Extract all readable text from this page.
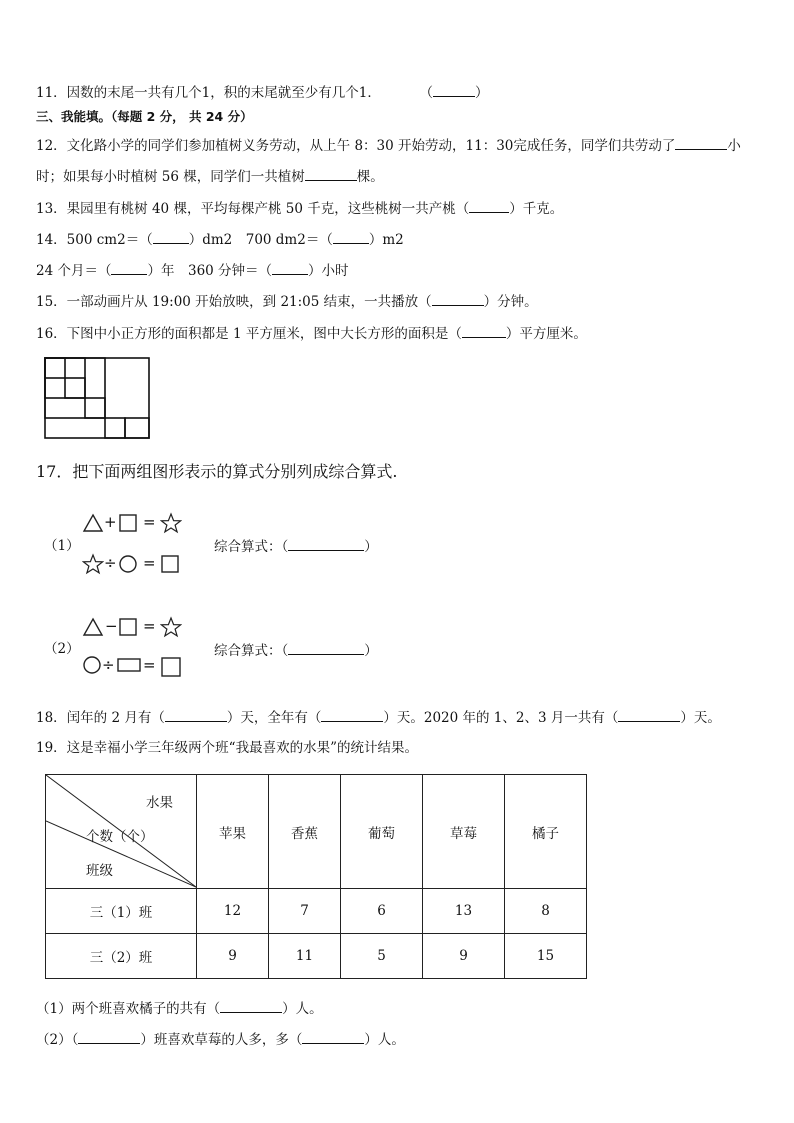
11．因数的末尾一共有几个1，积的末尾就至少有几个1．	（	）
三、我能填。（每题 2 分， 共 24 分）
12．文化路小学的同学们参加植树义务劳动，从上午 8：30 开始劳动，11：30完成任务，同学们共劳动了	小
时；如果每小时植树 56 棵，同学们一共植树	棵。
13．果园里有桃树 40 棵，平均每棵产桃 50 千克，这些桃树一共产桃（	）千克。
14．500 cm2＝（	）dm2　700 dm2＝（	）m2
24 个月＝（	）年　360 分钟＝（	）小时
15．一部动画片从 19:00 开始放映，到 21:05 结束，一共播放（	）分钟。
16．下图中小正方形的面积都是 1 平方厘米，图中大长方形的面积是（	）平方厘米。
17．把下面两组图形表示的算式分别列成综合算式.
（1）
+ =
÷ =
综合算式：（	）
（2）
− =
÷ =
综合算式：（	）
18．闰年的 2 月有（	）天，全年有（	）天。2020 年的 1、2、3 月一共有（	）天。
19．这是幸福小学三年级两个班“我最喜欢的水果”的统计结果。
水果
个数（个）
班级	苹果	香蕉	葡萄	草莓	橘子
三（1）班	12	7	6	13	8
三（2）班	9	11	5	9	15
（1）两个班喜欢橘子的共有（	）人。
（2）（	）班喜欢草莓的人多，多（	）人。
